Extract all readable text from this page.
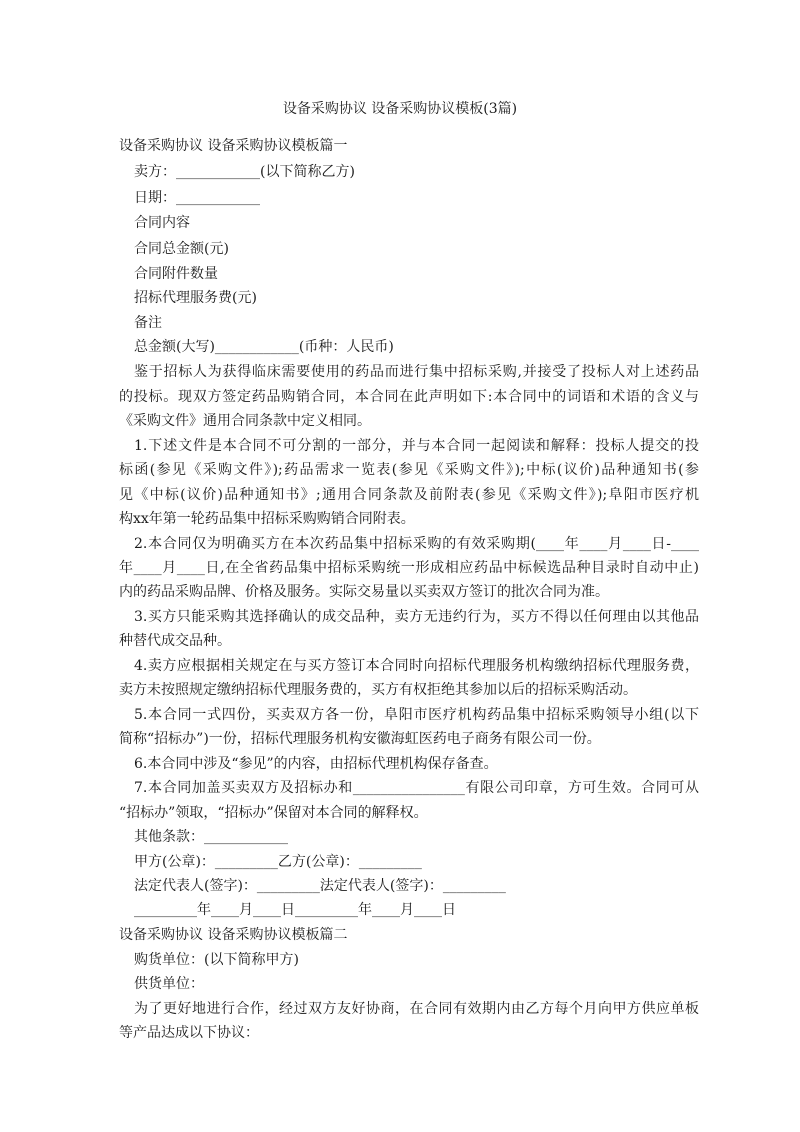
设备采购协议 设备采购协议模板(3篇)
设备采购协议 设备采购协议模板篇一
卖方：____________(以下简称乙方)
日期：____________
合同内容
合同总金额(元)
合同附件数量
招标代理服务费(元)
备注
总金额(大写)____________(币种：人民币)
鉴于招标人为获得临床需要使用的药品而进行集中招标采购,并接受了投标人对上述药品
的投标。现双方签定药品购销合同，本合同在此声明如下:本合同中的词语和术语的含义与
《采购文件》通用合同条款中定义相同。
1.下述文件是本合同不可分割的一部分，并与本合同一起阅读和解释：投标人提交的投
标函(参见《采购文件》);药品需求一览表(参见《采购文件》);中标(议价)品种通知书(参
见《中标(议价)品种通知书》;通用合同条款及前附表(参见《采购文件》);阜阳市医疗机
构xx年第一轮药品集中招标采购购销合同附表。
2.本合同仅为明确买方在本次药品集中招标采购的有效采购期(____年____月____日-____
年____月____日,在全省药品集中招标采购统一形成相应药品中标候选品种目录时自动中止)
内的药品采购品牌、价格及服务。实际交易量以买卖双方签订的批次合同为准。
3.买方只能采购其选择确认的成交品种，卖方无违约行为，买方不得以任何理由以其他品
种替代成交品种。
4.卖方应根据相关规定在与买方签订本合同时向招标代理服务机构缴纳招标代理服务费，
卖方未按照规定缴纳招标代理服务费的，买方有权拒绝其参加以后的招标采购活动。
5.本合同一式四份，买卖双方各一份，阜阳市医疗机构药品集中招标采购领导小组(以下
简称“招标办”)一份，招标代理服务机构安徽海虹医药电子商务有限公司一份。
6.本合同中涉及“参见”的内容，由招标代理机构保存备查。
7.本合同加盖买卖双方及招标办和________________有限公司印章，方可生效。合同可从
“招标办”领取，“招标办”保留对本合同的解释权。
其他条款：____________
甲方(公章)：_________乙方(公章)：_________
法定代表人(签字)：_________法定代表人(签字)：_________
_________年____月____日_________年____月____日
设备采购协议 设备采购协议模板篇二
购货单位：(以下简称甲方)
供货单位：
为了更好地进行合作，经过双方友好协商，在合同有效期内由乙方每个月向甲方供应单板
等产品达成以下协议：
